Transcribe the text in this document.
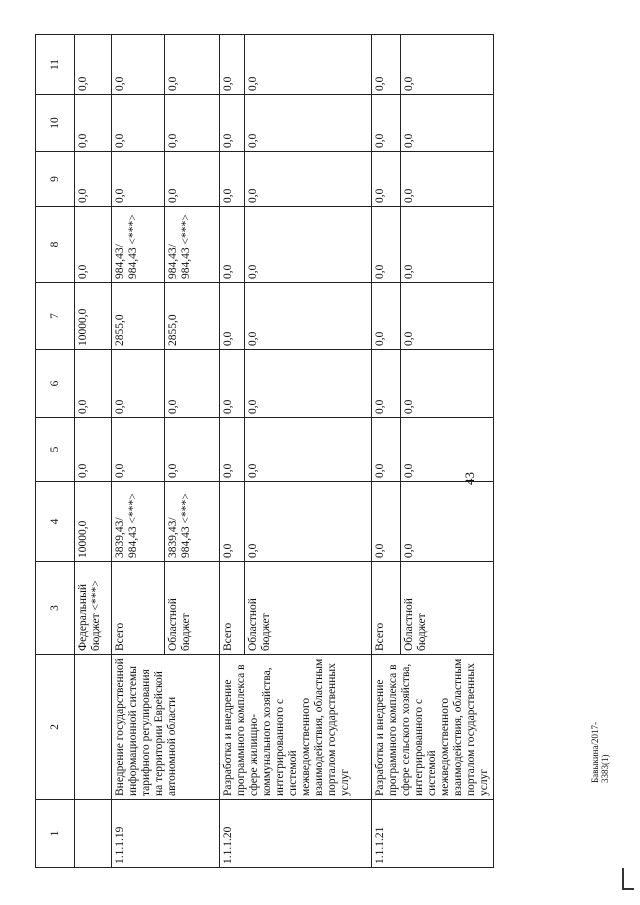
43
Бавыкина/2017-3383(1)
1	2	3	4	5	6	7	8	9	10	11
		Федеральный бюджет <***>	10000,0	0,0	0,0	10000,0	0,0	0,0	0,0	0,0
1.1.1.19	Внедрение государственной информационной системы тарифного регулирования на территории Еврейской автономной области	Всего	3839,43/ 984,43 <***>	0,0	0,0	2855,0	984,43/ 984,43 <***>	0,0	0,0	0,0
		Областной бюджет	3839,43/ 984,43 <***>	0,0	0,0	2855,0	984,43/ 984,43 <***>	0,0	0,0	0,0
1.1.1.20	Разработка и внедрение программного комплекса в сфере жилищно-коммунального хозяйства, интегрированного с системой межведомственного взаимодействия, областным порталом государственных услуг	Всего	0,0	0,0	0,0	0,0	0,0	0,0	0,0	0,0
		Областной бюджет	0,0	0,0	0,0	0,0	0,0	0,0	0,0	0,0
1.1.1.21	Разработка и внедрение программного комплекса в сфере сельского хозяйства, интегрированного с системой межведомственного взаимодействия, областным порталом государственных услуг	Всего	0,0	0,0	0,0	0,0	0,0	0,0	0,0	0,0
		Областной бюджет	0,0	0,0	0,0	0,0	0,0	0,0	0,0	0,0
